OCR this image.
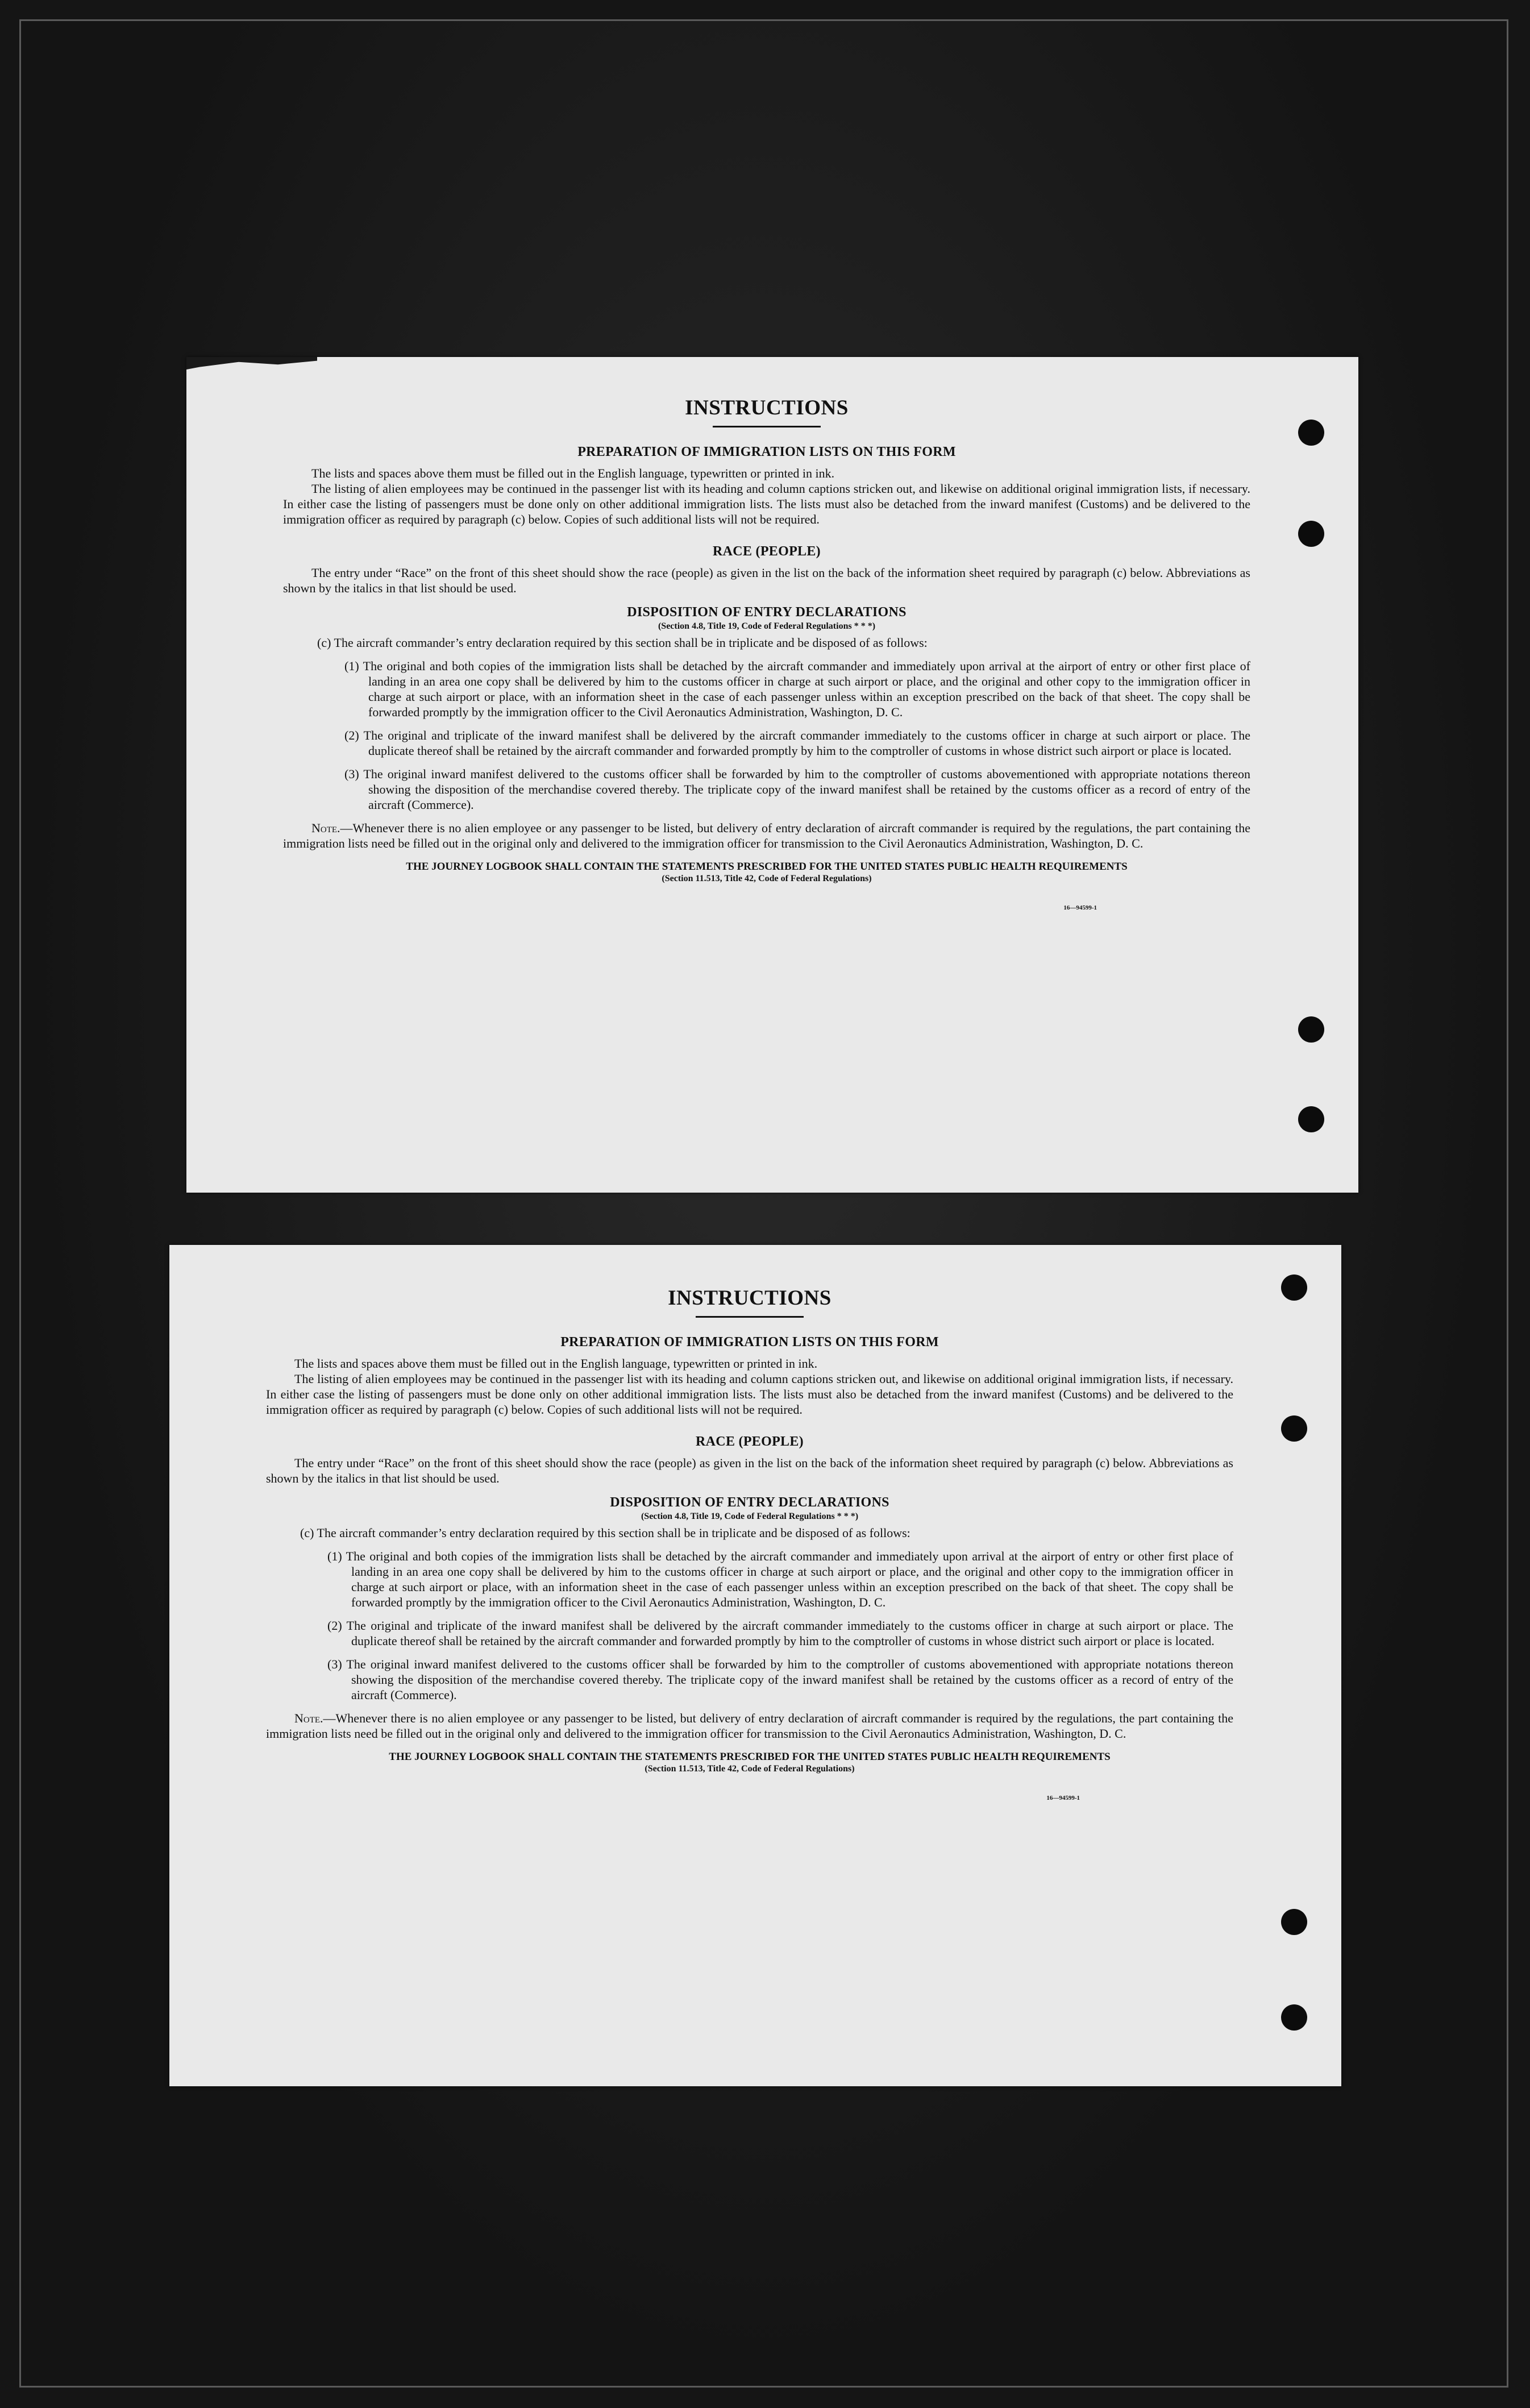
INSTRUCTIONS
PREPARATION OF IMMIGRATION LISTS ON THIS FORM

The lists and spaces above them must be filled out in the English language, typewritten or printed in ink.

The listing of alien employees may be continued in the passenger list with its heading and column captions stricken out, and likewise on additional original immigration lists, if necessary. In either case the listing of passengers must be done only on other additional immigration lists. The lists must also be detached from the inward manifest (Customs) and be delivered to the immigration officer as required by paragraph (c) below. Copies of such additional lists will not be required.

RACE (PEOPLE)

The entry under “Race” on the front of this sheet should show the race (people) as given in the list on the back of the information sheet required by paragraph (c) below. Abbreviations as shown by the italics in that list should be used.

DISPOSITION OF ENTRY DECLARATIONS
(Section 4.8, Title 19, Code of Federal Regulations * * *)

(c) The aircraft commander’s entry declaration required by this section shall be in triplicate and be disposed of as follows:

(1) The original and both copies of the immigration lists shall be detached by the aircraft commander and immediately upon arrival at the airport of entry or other first place of landing in an area one copy shall be delivered by him to the customs officer in charge at such airport or place, and the original and other copy to the immigration officer in charge at such airport or place, with an information sheet in the case of each passenger unless within an exception prescribed on the back of that sheet. The copy shall be forwarded promptly by the immigration officer to the Civil Aeronautics Administration, Washington, D. C.
(2) The original and triplicate of the inward manifest shall be delivered by the aircraft commander immediately to the customs officer in charge at such airport or place. The duplicate thereof shall be retained by the aircraft commander and forwarded promptly by him to the comptroller of customs in whose district such airport or place is located.
(3) The original inward manifest delivered to the customs officer shall be forwarded by him to the comptroller of customs abovementioned with appropriate notations thereon showing the disposition of the merchandise covered thereby. The triplicate copy of the inward manifest shall be retained by the customs officer as a record of entry of the aircraft (Commerce).

Note.—Whenever there is no alien employee or any passenger to be listed, but delivery of entry declaration of aircraft commander is required by the regulations, the part containing the immigration lists need be filled out in the original only and delivered to the immigration officer for transmission to the Civil Aeronautics Administration, Washington, D. C.

THE JOURNEY LOGBOOK SHALL CONTAIN THE STATEMENTS PRESCRIBED FOR THE UNITED STATES PUBLIC HEALTH REQUIREMENTS
(Section 11.513, Title 42, Code of Federal Regulations)
16—94599-1
INSTRUCTIONS
PREPARATION OF IMMIGRATION LISTS ON THIS FORM

The lists and spaces above them must be filled out in the English language, typewritten or printed in ink.

The listing of alien employees may be continued in the passenger list with its heading and column captions stricken out, and likewise on additional original immigration lists, if necessary. In either case the listing of passengers must be done only on other additional immigration lists. The lists must also be detached from the inward manifest (Customs) and be delivered to the immigration officer as required by paragraph (c) below. Copies of such additional lists will not be required.

RACE (PEOPLE)

The entry under “Race” on the front of this sheet should show the race (people) as given in the list on the back of the information sheet required by paragraph (c) below. Abbreviations as shown by the italics in that list should be used.

DISPOSITION OF ENTRY DECLARATIONS
(Section 4.8, Title 19, Code of Federal Regulations * * *)

(c) The aircraft commander’s entry declaration required by this section shall be in triplicate and be disposed of as follows:

(1) The original and both copies of the immigration lists shall be detached by the aircraft commander and immediately upon arrival at the airport of entry or other first place of landing in an area one copy shall be delivered by him to the customs officer in charge at such airport or place, and the original and other copy to the immigration officer in charge at such airport or place, with an information sheet in the case of each passenger unless within an exception prescribed on the back of that sheet. The copy shall be forwarded promptly by the immigration officer to the Civil Aeronautics Administration, Washington, D. C.
(2) The original and triplicate of the inward manifest shall be delivered by the aircraft commander immediately to the customs officer in charge at such airport or place. The duplicate thereof shall be retained by the aircraft commander and forwarded promptly by him to the comptroller of customs in whose district such airport or place is located.
(3) The original inward manifest delivered to the customs officer shall be forwarded by him to the comptroller of customs abovementioned with appropriate notations thereon showing the disposition of the merchandise covered thereby. The triplicate copy of the inward manifest shall be retained by the customs officer as a record of entry of the aircraft (Commerce).

Note.—Whenever there is no alien employee or any passenger to be listed, but delivery of entry declaration of aircraft commander is required by the regulations, the part containing the immigration lists need be filled out in the original only and delivered to the immigration officer for transmission to the Civil Aeronautics Administration, Washington, D. C.

THE JOURNEY LOGBOOK SHALL CONTAIN THE STATEMENTS PRESCRIBED FOR THE UNITED STATES PUBLIC HEALTH REQUIREMENTS
(Section 11.513, Title 42, Code of Federal Regulations)
16—94599-1
